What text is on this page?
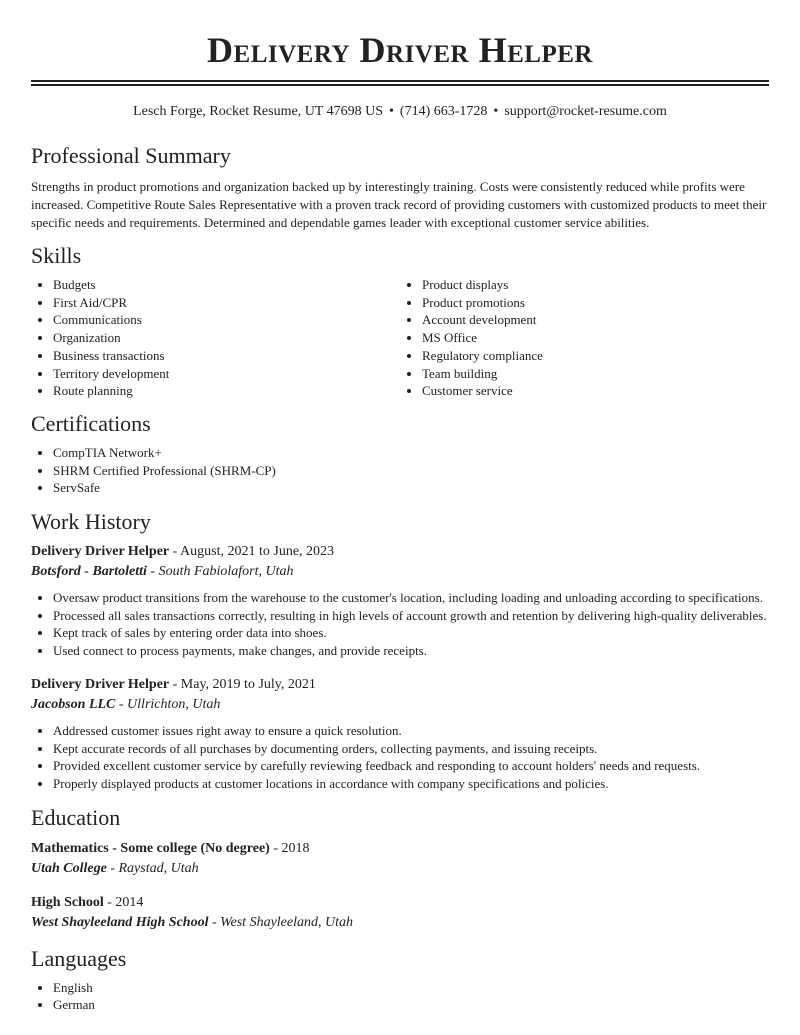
Delivery Driver Helper
Lesch Forge, Rocket Resume, UT 47698 US • (714) 663-1728 • support@rocket-resume.com
Professional Summary

Strengths in product promotions and organization backed up by interestingly training. Costs were consistently reduced while profits were increased. Competitive Route Sales Representative with a proven track record of providing customers with customized products to meet their specific needs and requirements. Determined and dependable games leader with exceptional customer service abilities.

Skills
• Budgets
• First Aid/CPR
• Communications
• Organization
• Business transactions
• Territory development
• Route planning
• Product displays
• Product promotions
• Account development
• MS Office
• Regulatory compliance
• Team building
• Customer service
Certifications
• CompTIA Network+
• SHRM Certified Professional (SHRM-CP)
• ServSafe
Work History
Delivery Driver Helper - August, 2021 to June, 2023
Botsford - Bartoletti - South Fabiolafort, Utah
• Oversaw product transitions from the warehouse to the customer's location, including loading and unloading according to specifications.
• Processed all sales transactions correctly, resulting in high levels of account growth and retention by delivering high-quality deliverables.
• Kept track of sales by entering order data into shoes.
• Used connect to process payments, make changes, and provide receipts.
Delivery Driver Helper - May, 2019 to July, 2021
Jacobson LLC - Ullrichton, Utah
• Addressed customer issues right away to ensure a quick resolution.
• Kept accurate records of all purchases by documenting orders, collecting payments, and issuing receipts.
• Provided excellent customer service by carefully reviewing feedback and responding to account holders' needs and requests.
• Properly displayed products at customer locations in accordance with company specifications and policies.
Education
Mathematics - Some college (No degree) - 2018
Utah College - Raystad, Utah
High School - 2014
West Shayleeland High School - West Shayleeland, Utah
Languages
• English
• German
